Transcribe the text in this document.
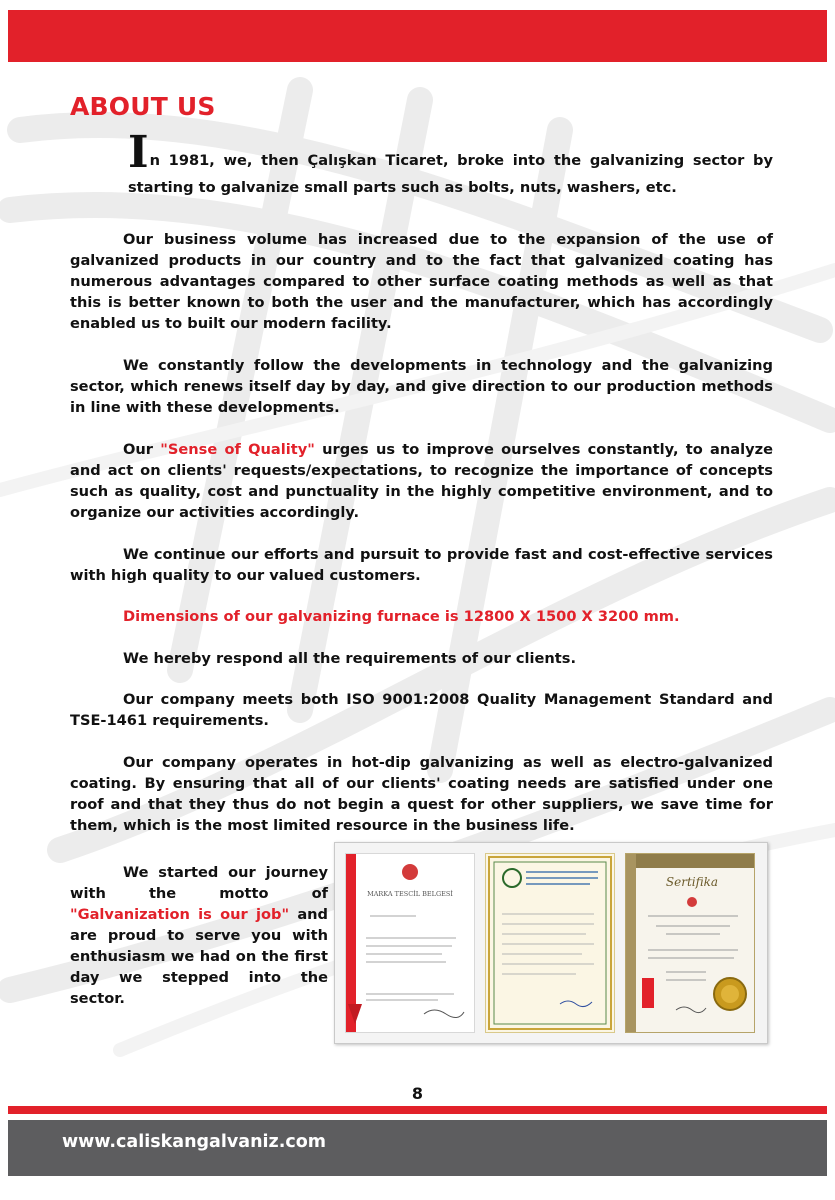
ABOUT US
In 1981, we, then Çalışkan Ticaret, broke into the galvanizing sector by starting to galvanize small parts such as bolts, nuts, washers, etc.

Our business volume has increased due to the expansion of the use of galvanized products in our country and to the fact that galvanized coating has numerous advantages compared to other surface coating methods as well as that this is better known to both the user and the manufacturer, which has accordingly enabled us to built our modern facility.

We constantly follow the developments in technology and the galvanizing sector, which renews itself day by day, and give direction to our production methods in line with these developments.

Our "Sense of Quality" urges us to improve ourselves constantly, to analyze and act on clients' requests/expectations, to recognize the importance of concepts such as quality, cost and punctuality in the highly competitive environment, and to organize our activities accordingly.

We continue our efforts and pursuit to provide fast and cost-effective services with high quality to our valued customers.

Dimensions of our galvanizing furnace is 12800 X 1500 X 3200 mm.

We hereby respond all the requirements of our clients.

Our company meets both ISO 9001:2008 Quality Management Standard and TSE-1461 requirements.

Our company operates in hot-dip galvanizing as well as electro-galvanized coating. By ensuring that all of our clients' coating needs are satisfied under one roof and that they thus do not begin a quest for other suppliers, we save time for them, which is the most limited resource in the business life.

We started our journey with the motto of "Galvanization is our job" and are proud to serve you with enthusiasm we had on the first day we stepped into the sector.

MARKA TESCİL BELGESİ
Sertifika
8
www.caliskangalvaniz.com
